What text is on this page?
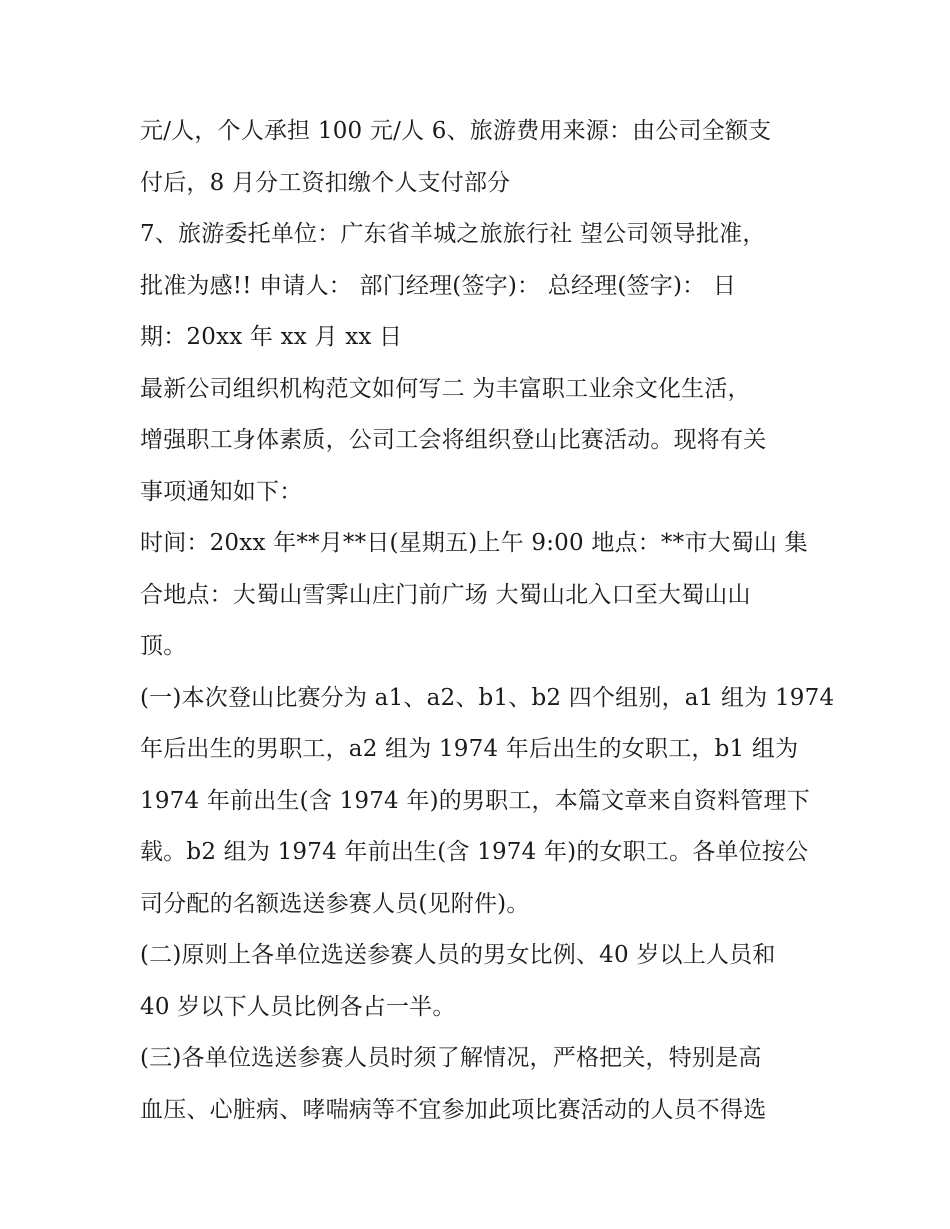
元/人，个人承担 100 元/人 6、旅游费用来源：由公司全额支
付后，8 月分工资扣缴个人支付部分
7、旅游委托单位：广东省羊城之旅旅行社 望公司领导批准，
批准为感!! 申请人： 部门经理(签字)： 总经理(签字)： 日
期：20xx 年 xx 月 xx 日
最新公司组织机构范文如何写二 为丰富职工业余文化生活，
增强职工身体素质，公司工会将组织登山比赛活动。现将有关
事项通知如下：
时间：20xx 年**月**日(星期五)上午 9:00 地点：**市大蜀山 集
合地点：大蜀山雪霁山庄门前广场 大蜀山北入口至大蜀山山
顶。
(一)本次登山比赛分为 a1、a2、b1、b2 四个组别，a1 组为 1974
年后出生的男职工，a2 组为 1974 年后出生的女职工，b1 组为
1974 年前出生(含 1974 年)的男职工，本篇文章来自资料管理下
载。b2 组为 1974 年前出生(含 1974 年)的女职工。各单位按公
司分配的名额选送参赛人员(见附件)。
(二)原则上各单位选送参赛人员的男女比例、40 岁以上人员和
40 岁以下人员比例各占一半。
(三)各单位选送参赛人员时须了解情况，严格把关，特别是高
血压、心脏病、哮喘病等不宜参加此项比赛活动的人员不得选
